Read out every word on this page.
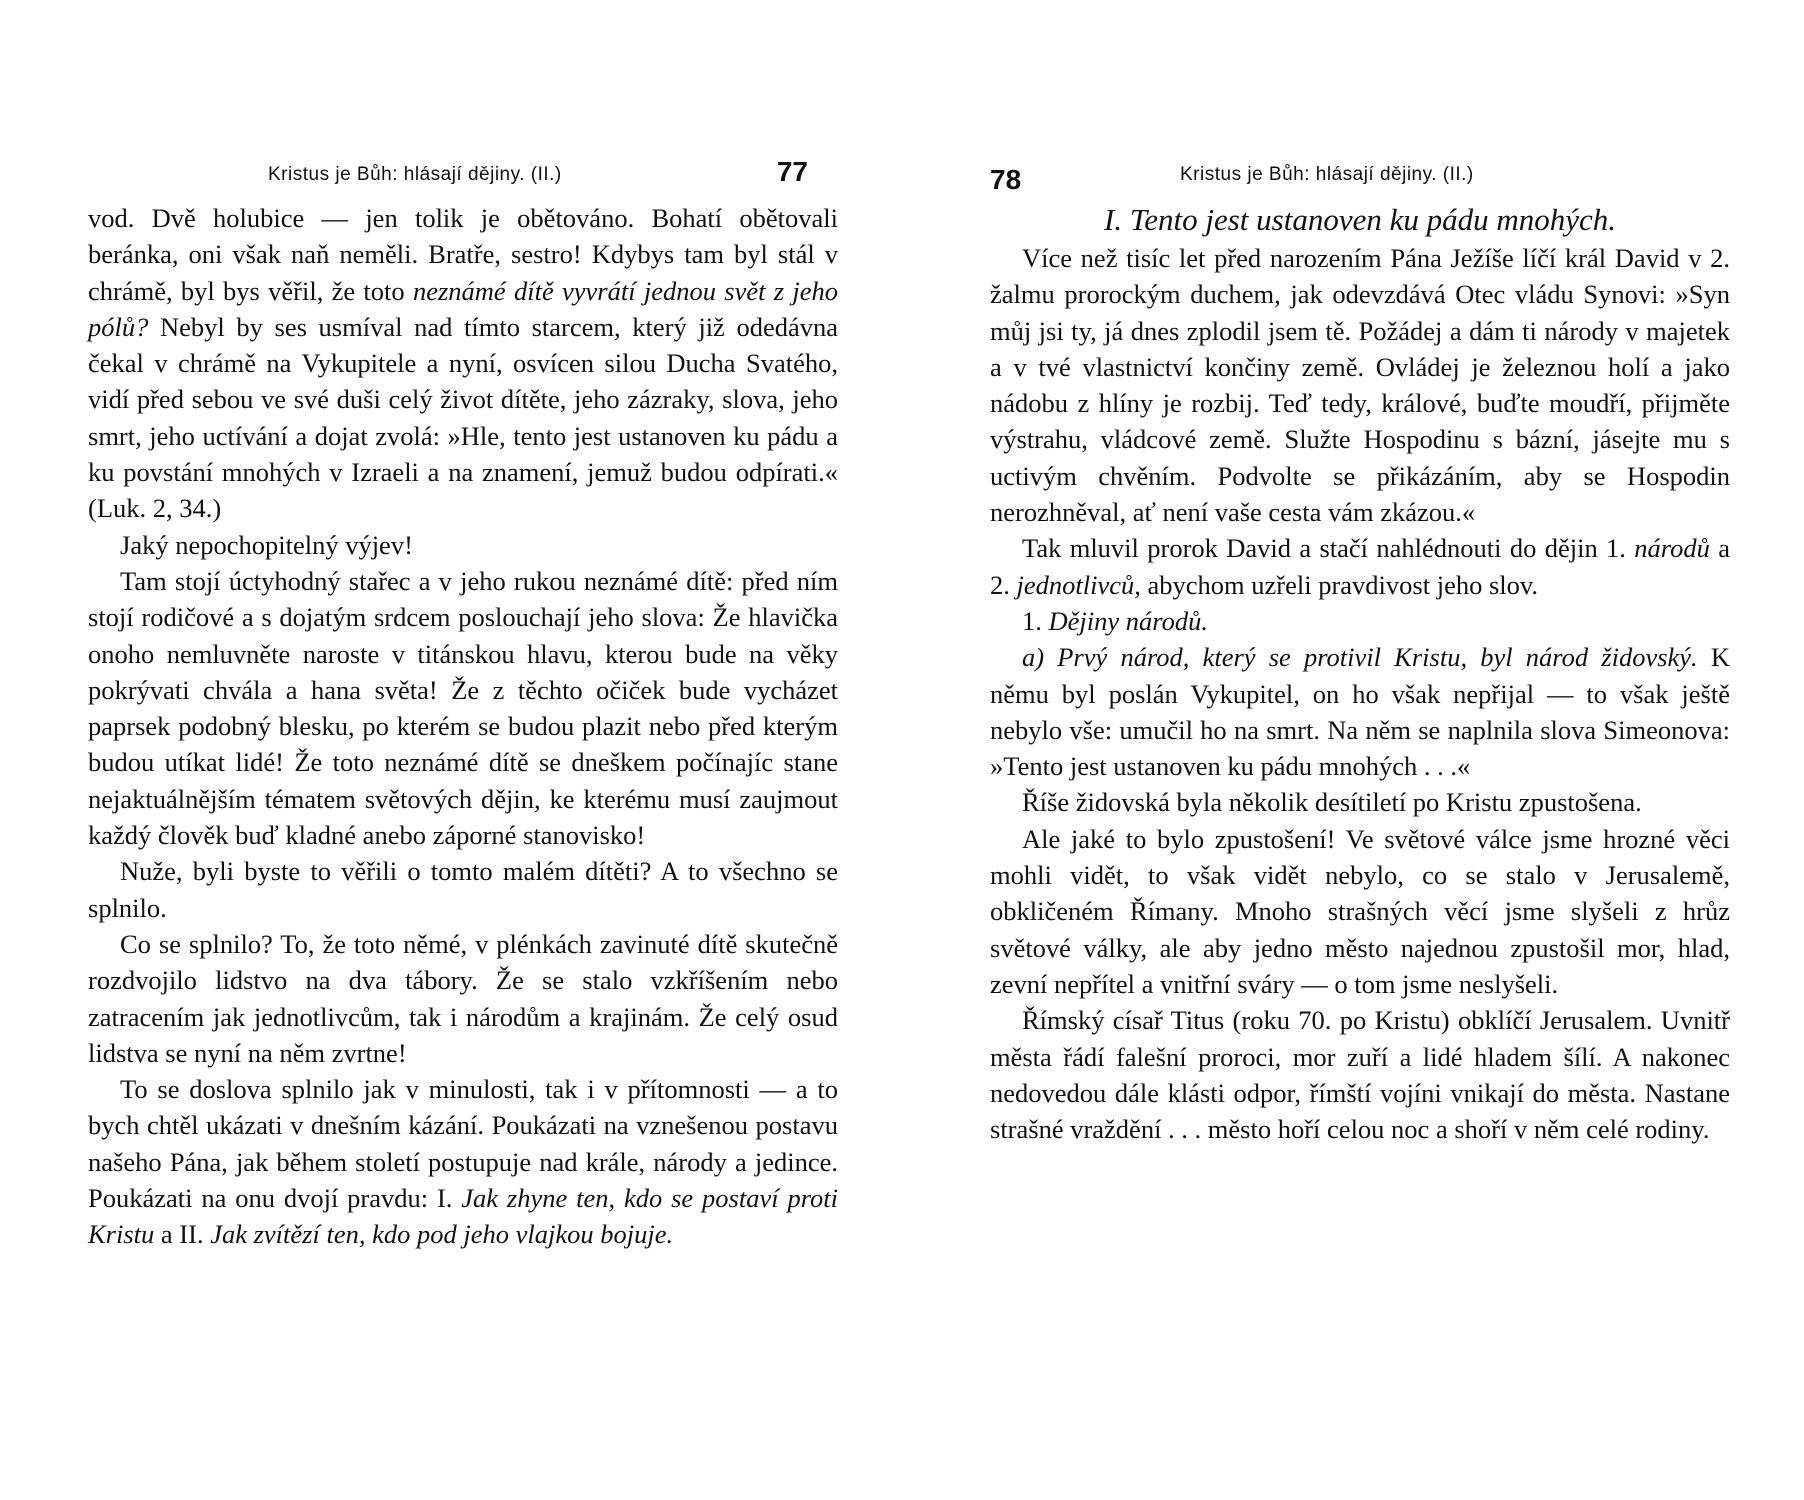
Kristus je Bůh: hlásají dějiny. (II.)	77

vod. Dvě holubice — jen tolik je obětováno. Bohatí obětovali beránka, oni však naň neměli. Bratře, sestro! Kdybys tam byl stál v chrámě, byl bys věřil, že toto neznámé dítě vyvrátí jednou svět z jeho pólů? Nebyl by ses usmíval nad tímto starcem, který již odedávna čekal v chrámě na Vykupitele a nyní, osvícen silou Ducha Svatého, vidí před sebou ve své duši celý život dítěte, jeho zázraky, slova, jeho smrt, jeho uctívání a dojat zvolá: »Hle, tento jest ustanoven ku pádu a ku povstání mnohých v Izraeli a na znamení, jemuž budou odpírati.« (Luk. 2, 34.)

Jaký nepochopitelný výjev!

Tam stojí úctyhodný stařec a v jeho rukou neznámé dítě: před ním stojí rodičové a s dojatým srdcem poslouchají jeho slova: Že hlavička onoho nemluvněte naroste v titánskou hlavu, kterou bude na věky pokrývati chvála a hana světa! Že z těchto očiček bude vycházet paprsek podobný blesku, po kterém se budou plazit nebo před kterým budou utíkat lidé! Že toto neznámé dítě se dneškem počínajíc stane nejaktuálnějším tématem světových dějin, ke kterému musí zaujmout každý člověk buď kladné anebo záporné stanovisko!

Nuže, byli byste to věřili o tomto malém dítěti? A to všechno se splnilo.

Co se splnilo? To, že toto němé, v plénkách zavinuté dítě skutečně rozdvojilo lidstvo na dva tábory. Že se stalo vzkříšením nebo zatracením jak jednotlivcům, tak i národům a krajinám. Že celý osud lidstva se nyní na něm zvrtne!

To se doslova splnilo jak v minulosti, tak i v přítomnosti — a to bych chtěl ukázati v dnešním kázání. Poukázati na vznešenou postavu našeho Pána, jak během století postupuje nad krále, národy a jedince. Poukázati na onu dvojí pravdu: I. Jak zhyne ten, kdo se postaví proti Kristu a II. Jak zvítězí ten, kdo pod jeho vlajkou bojuje.

78	Kristus je Bůh: hlásají dějiny. (II.)

I. Tento jest ustanoven ku pádu mnohých.

Více než tisíc let před narozením Pána Ježíše líčí král David v 2. žalmu prorockým duchem, jak odevzdává Otec vládu Synovi: »Syn můj jsi ty, já dnes zplodil jsem tě. Požádej a dám ti národy v majetek a v tvé vlastnictví končiny země. Ovládej je železnou holí a jako nádobu z hlíny je rozbij. Teď tedy, králové, buďte moudří, přijměte výstrahu, vládcové země. Služte Hospodinu s bázní, jásejte mu s uctivým chvěním. Podvolte se přikázáním, aby se Hospodin nerozhněval, ať není vaše cesta vám zkázou.«

Tak mluvil prorok David a stačí nahlédnouti do dějin 1. národů a 2. jednotlivců, abychom uzřeli pravdivost jeho slov.

1. Dějiny národů.

a) Prvý národ, který se protivil Kristu, byl národ židovský. K němu byl poslán Vykupitel, on ho však nepřijal — to však ještě nebylo vše: umučil ho na smrt. Na něm se naplnila slova Simeonova: »Tento jest ustanoven ku pádu mnohých . . .«

Říše židovská byla několik desítiletí po Kristu zpustošena.

Ale jaké to bylo zpustošení! Ve světové válce jsme hrozné věci mohli vidět, to však vidět nebylo, co se stalo v Jerusalemě, obkličeném Římany. Mnoho strašných věcí jsme slyšeli z hrůz světové války, ale aby jedno město najednou zpustošil mor, hlad, zevní nepřítel a vnitřní sváry — o tom jsme neslyšeli.

Římský císař Titus (roku 70. po Kristu) obklíčí Jerusalem. Uvnitř města řádí falešní proroci, mor zuří a lidé hladem šílí. A nakonec nedovedou dále klásti odpor, římští vojíni vnikají do města. Nastane strašné vraždění . . . město hoří celou noc a shoří v něm celé rodiny.
